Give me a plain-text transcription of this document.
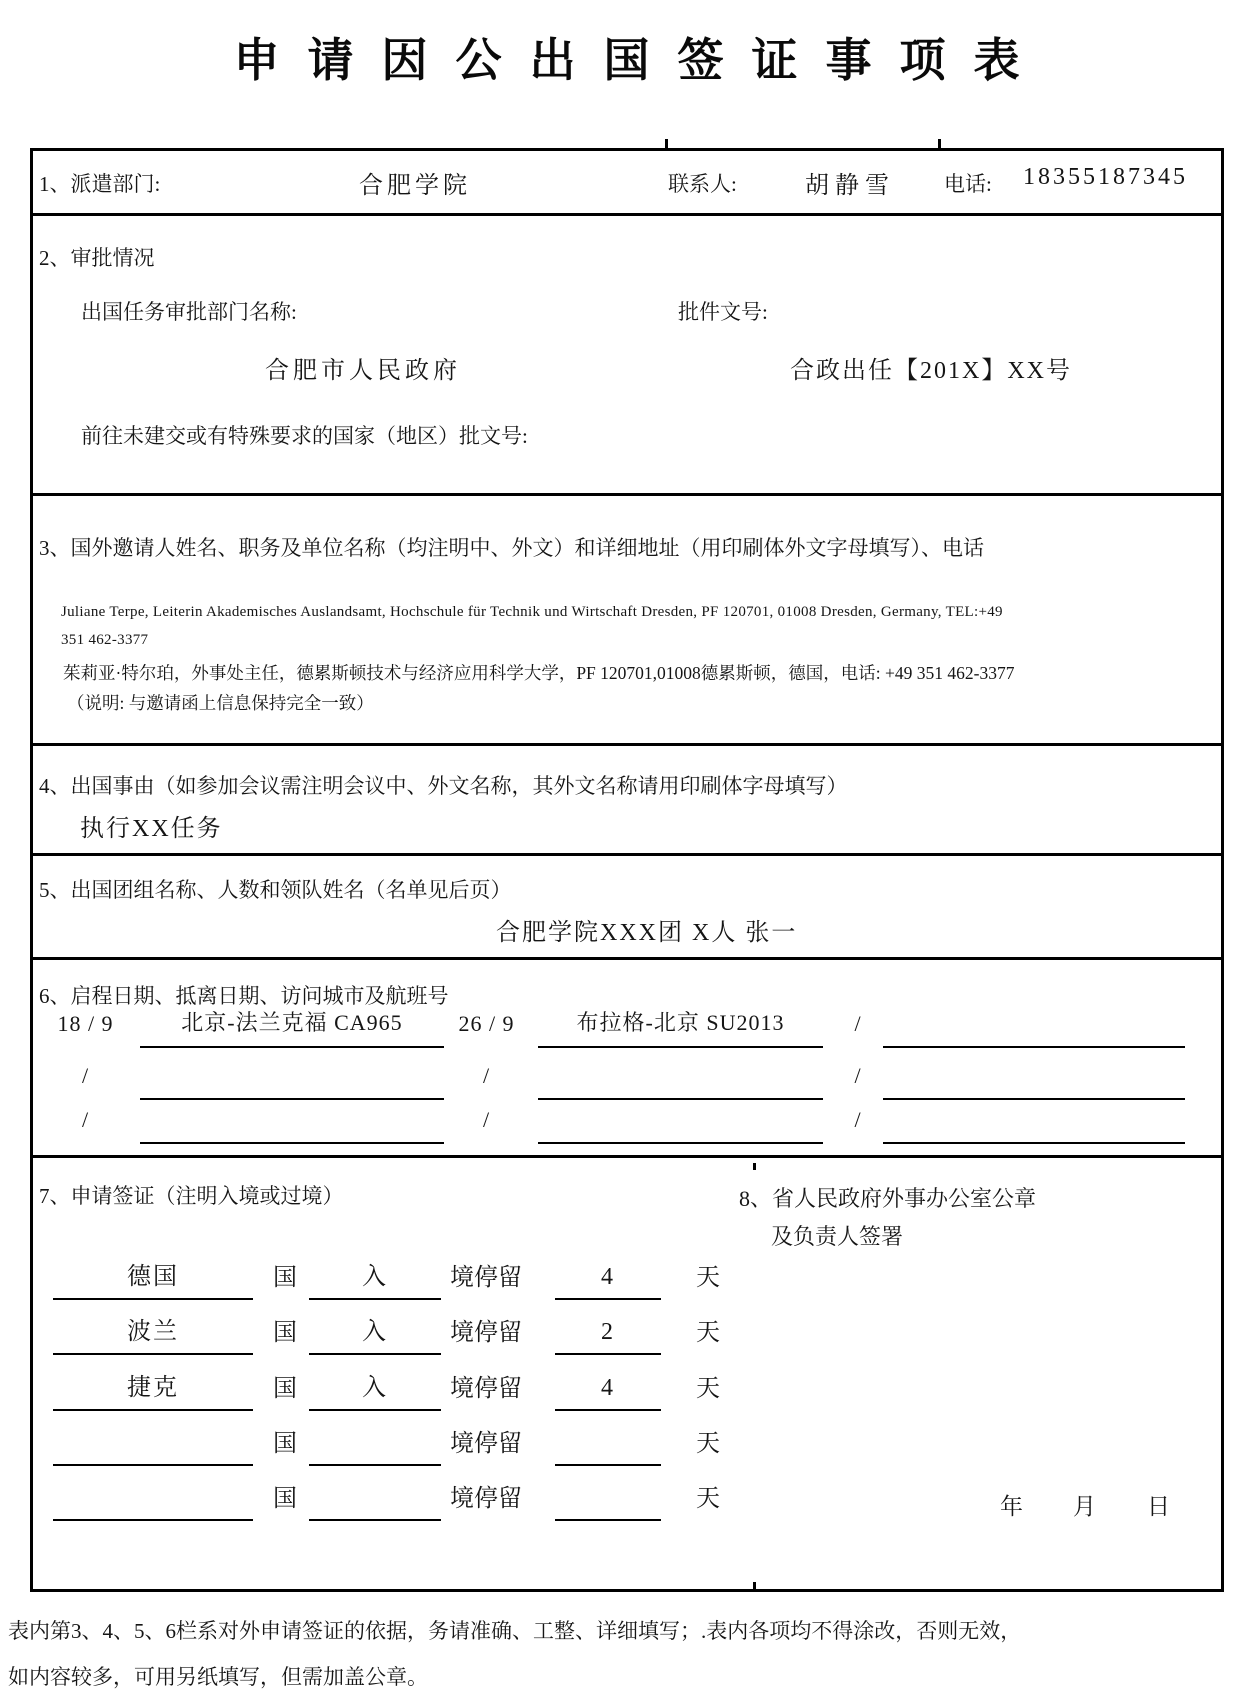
申请因公出国签证事项表
1、派遣部门:	合肥学院	联系人:	胡静雪 电话: 18355187345
2、审批情况
出国任务审批部门名称:	批件文号:
合肥市人民政府	合政出任【201X】XX号
前往未建交或有特殊要求的国家（地区）批文号:
3、国外邀请人姓名、职务及单位名称（均注明中、外文）和详细地址（用印刷体外文字母填写）、电话
Juliane Terpe, Leiterin Akademisches Auslandsamt, Hochschule für Technik und Wirtschaft Dresden, PF 120701, 01008 Dresden, Germany, TEL:+49
351 462-3377
茱莉亚·特尔珀，外事处主任，德累斯顿技术与经济应用科学大学，PF 120701,01008德累斯顿，德国，电话: +49 351 462-3377
（说明: 与邀请函上信息保持完全一致）
4、出国事由（如参加会议需注明会议中、外文名称，其外文名称请用印刷体字母填写）
执行XX任务
5、出国团组名称、人数和领队姓名（名单见后页）
合肥学院XXX团 X人 张一
6、启程日期、抵离日期、访问城市及航班号
18 / 9	北京-法兰克福 CA965	26 / 9	布拉格-北京 SU2013	/
/	/	/
/	/	/
7、申请签证（注明入境或过境）	8、省人民政府外事办公室公章
及负责人签署
德国	国	入	境停留	4	天
波兰	国	入	境停留	2	天
捷克	国	入	境停留	4	天
国	境停留	天
国	境停留	天	年 月 日
表内第3、4、5、6栏系对外申请签证的依据，务请准确、工整、详细填写；.表内各项均不得涂改，否则无效，
如内容较多，可用另纸填写，但需加盖公章。
